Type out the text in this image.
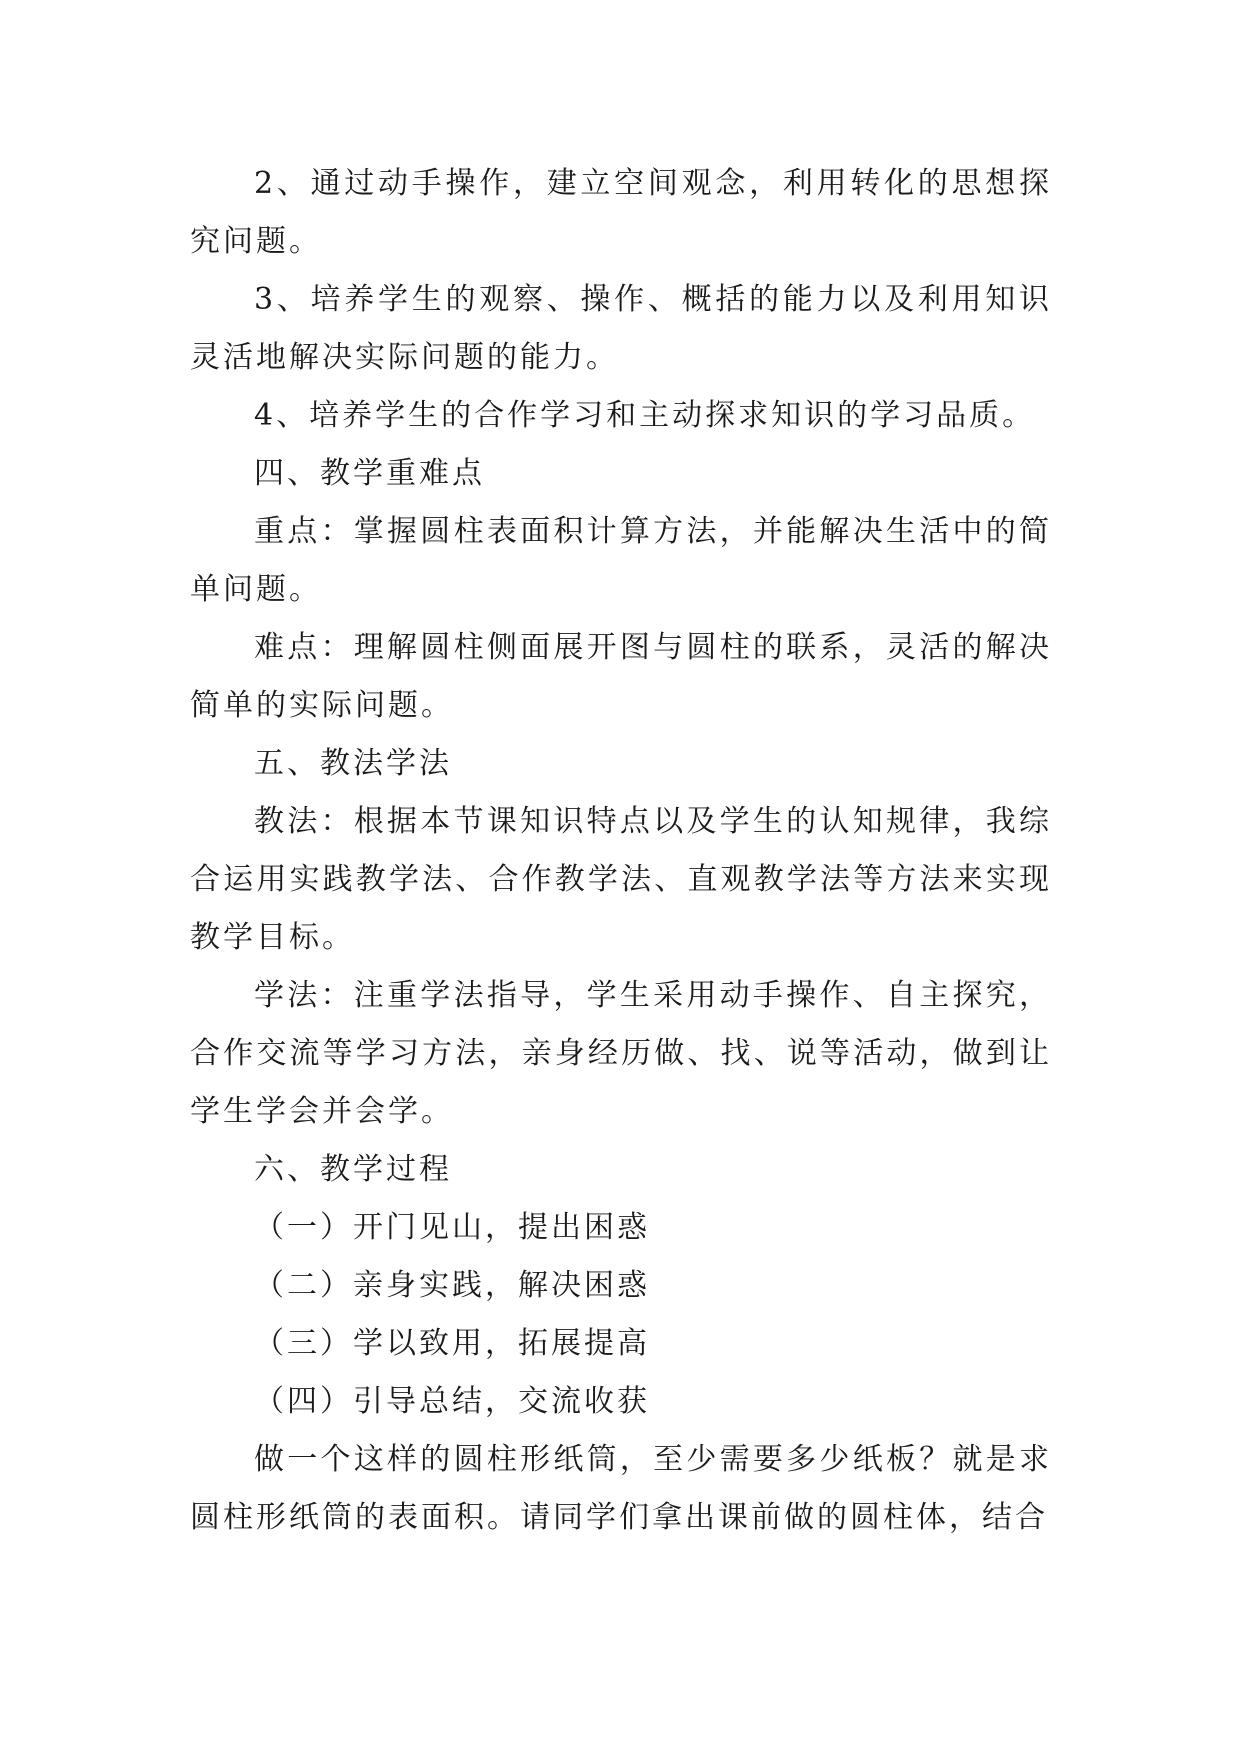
2、通过动手操作，建立空间观念，利用转化的思想探究问题。

3、培养学生的观察、操作、概括的能力以及利用知识灵活地解决实际问题的能力。

4、培养学生的合作学习和主动探求知识的学习品质。

四、教学重难点

重点：掌握圆柱表面积计算方法，并能解决生活中的简单问题。

难点：理解圆柱侧面展开图与圆柱的联系，灵活的解决简单的实际问题。

五、教法学法

教法：根据本节课知识特点以及学生的认知规律，我综合运用实践教学法、合作教学法、直观教学法等方法来实现教学目标。

学法：注重学法指导，学生采用动手操作、自主探究，合作交流等学习方法，亲身经历做、找、说等活动，做到让学生学会并会学。

六、教学过程

（一）开门见山，提出困惑

（二）亲身实践，解决困惑

（三）学以致用，拓展提高

（四）引导总结，交流收获

做一个这样的圆柱形纸筒，至少需要多少纸板？就是求圆柱形纸筒的表面积。请同学们拿出课前做的圆柱体，结合
